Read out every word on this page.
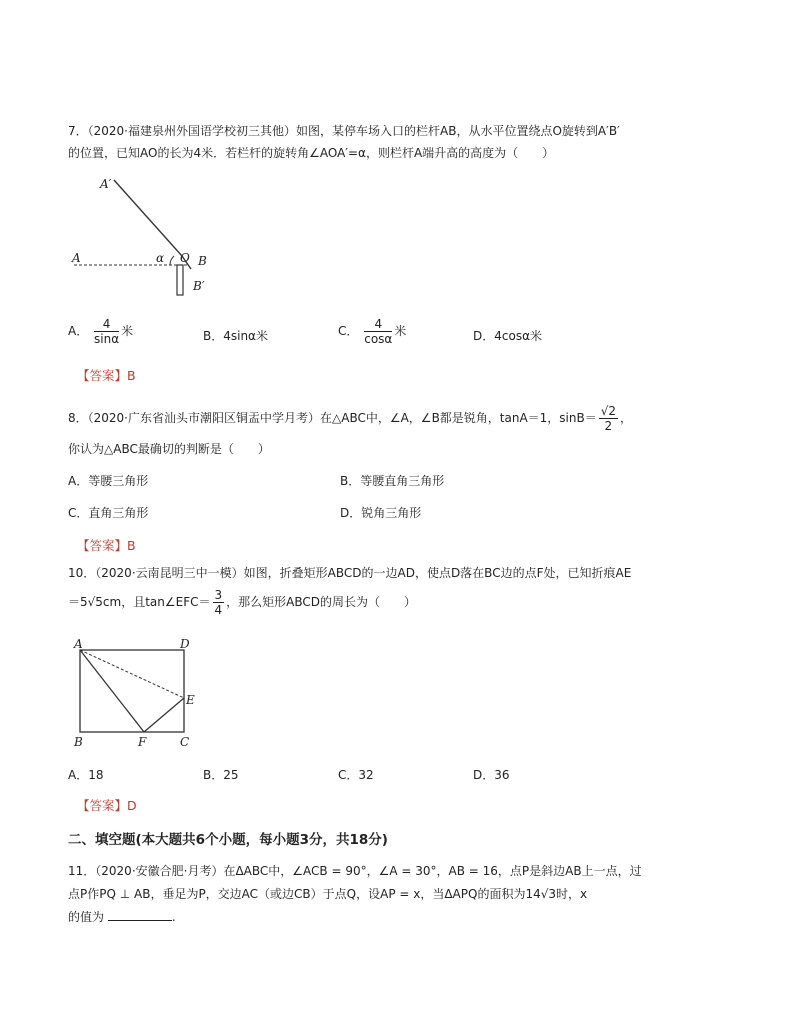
7．（2020·福建泉州外国语学校初三其他）如图，某停车场入口的栏杆AB，从水平位置绕点O旋转到A′B′
的位置，已知AO的长为4米．若栏杆的旋转角∠AOA′=α，则栏杆A端升高的高度为（　　）
A′
A	α O B
B′
A． $\frac{4}{\sin\alpha}$ 米	B．4sinα米	C． $\frac{4}{\cos\alpha}$ 米	D．4cosα米
【答案】B
8．（2020·广东省汕头市潮阳区铜盂中学月考）在△ABC中，∠A，∠B都是锐角，tanA＝1，$\sin B= \frac{√2}{2}$ ，
你认为△ABC最确切的判断是（　　）
A．等腰三角形	B．等腰直角三角形
C．直角三角形	D．锐角三角形
【答案】B
10．（2020·云南昆明三中一模）如图，折叠矩形ABCD的一边AD，使点D落在BC边的点F处，已知折痕AE
＝5√5cm，且tan∠EFC＝ $\frac{3}{4}$ ，那么矩形ABCD的周长为（　　）
A	D
E
B	F	C
A．18	B．25	C．32	D．36
【答案】D
二、填空题(本大题共6个小题，每小题3分，共18分)
11．（2020·安徽合肥·月考）在ΔABC中，∠ACB = 90°，∠A = 30°，AB = 16，点P是斜边AB上一点，过
点P作PQ ⊥ AB，垂足为P，交边AC（或边CB）于点Q，设AP = x，当ΔAPQ的面积为14√3时，x
的值为	.
